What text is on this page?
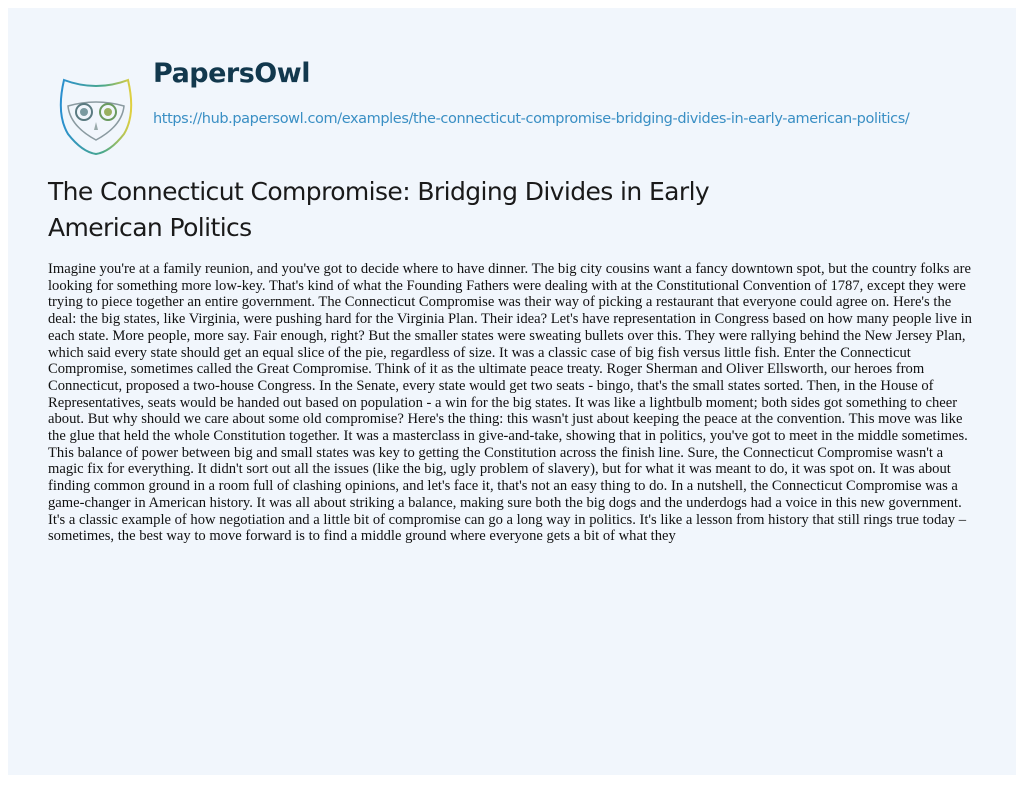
PapersOwl
https://hub.papersowl.com/examples/the-connecticut-compromise-bridging-divides-in-early-american-politics/
The Connecticut Compromise: Bridging Divides in Early American Politics

Imagine you're at a family reunion, and you've got to decide where to have dinner. The big city cousins want a fancy downtown spot, but the country folks are looking for something more low-key. That's kind of what the Founding Fathers were dealing with at the Constitutional Convention of 1787, except they were trying to piece together an entire government. The Connecticut Compromise was their way of picking a restaurant that everyone could agree on. Here's the deal: the big states, like Virginia, were pushing hard for the Virginia Plan. Their idea? Let's have representation in Congress based on how many people live in each state. More people, more say. Fair enough, right? But the smaller states were sweating bullets over this. They were rallying behind the New Jersey Plan, which said every state should get an equal slice of the pie, regardless of size. It was a classic case of big fish versus little fish. Enter the Connecticut Compromise, sometimes called the Great Compromise. Think of it as the ultimate peace treaty. Roger Sherman and Oliver Ellsworth, our heroes from Connecticut, proposed a two-house Congress. In the Senate, every state would get two seats - bingo, that's the small states sorted. Then, in the House of Representatives, seats would be handed out based on population - a win for the big states. It was like a lightbulb moment; both sides got something to cheer about. But why should we care about some old compromise? Here's the thing: this wasn't just about keeping the peace at the convention. This move was like the glue that held the whole Constitution together. It was a masterclass in give-and-take, showing that in politics, you've got to meet in the middle sometimes. This balance of power between big and small states was key to getting the Constitution across the finish line. Sure, the Connecticut Compromise wasn't a magic fix for everything. It didn't sort out all the issues (like the big, ugly problem of slavery), but for what it was meant to do, it was spot on. It was about finding common ground in a room full of clashing opinions, and let's face it, that's not an easy thing to do. In a nutshell, the Connecticut Compromise was a game-changer in American history. It was all about striking a balance, making sure both the big dogs and the underdogs had a voice in this new government. It's a classic example of how negotiation and a little bit of compromise can go a long way in politics. It's like a lesson from history that still rings true today – sometimes, the best way to move forward is to find a middle ground where everyone gets a bit of what they
